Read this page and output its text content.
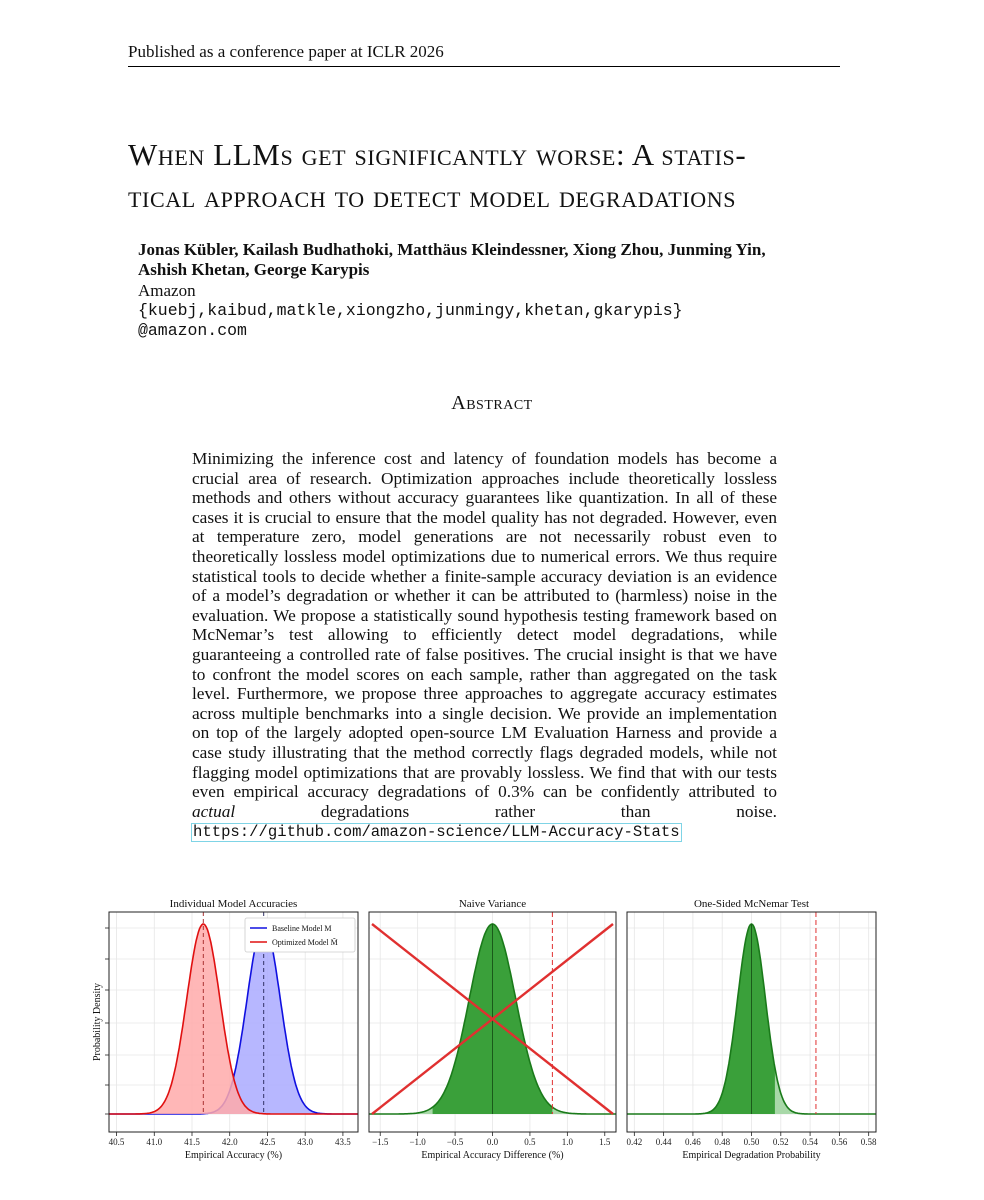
Published as a conference paper at ICLR 2026
When LLMs get significantly worse: A statis-
tical approach to detect model degradations
Jonas Kübler, Kailash Budhathoki, Matthäus Kleindessner, Xiong Zhou, Junming Yin,
Ashish Khetan, George Karypis
Amazon
{kuebj,kaibud,matkle,xiongzho,junmingy,khetan,gkarypis}
@amazon.com
Abstract
Minimizing the inference cost and latency of foundation models has become a crucial area of research. Optimization approaches include theoretically lossless methods and others without accuracy guarantees like quantization. In all of these cases it is crucial to ensure that the model quality has not degraded. However, even at temperature zero, model generations are not necessarily robust even to theoretically lossless model optimizations due to numerical errors. We thus require statistical tools to decide whether a finite-sample accuracy deviation is an evidence of a model’s degradation or whether it can be attributed to (harmless) noise in the evaluation. We propose a statistically sound hypothesis testing framework based on McNemar’s test allowing to efficiently detect model degradations, while guaranteeing a controlled rate of false positives. The crucial insight is that we have to confront the model scores on each sample, rather than aggregated on the task level. Furthermore, we propose three approaches to aggregate accuracy estimates across multiple benchmarks into a single decision. We provide an implementation on top of the largely adopted open-source LM Evaluation Harness and provide a case study illustrating that the method correctly flags degraded models, while not flagging model optimizations that are provably lossless. We find that with our tests even empirical accuracy degradations of 0.3% can be confidently attributed to actual degradations rather than noise. https://github.com/amazon-science/LLM-Accuracy-Stats
40.5 41.0 41.5 42.0 42.5 43.0 43.5
Individual Model Accuracies
Empirical Accuracy (%)
Probability Density
Baseline Model M
Optimized Model M̃
−1.5 −1.0 −0.5	0.0	0.5	1.0	1.5
Naive Variance
Empirical Accuracy Difference (%)
0.42 0.44 0.46 0.48 0.50 0.52 0.54 0.56 0.58
One-Sided McNemar Test
Empirical Degradation Probability
